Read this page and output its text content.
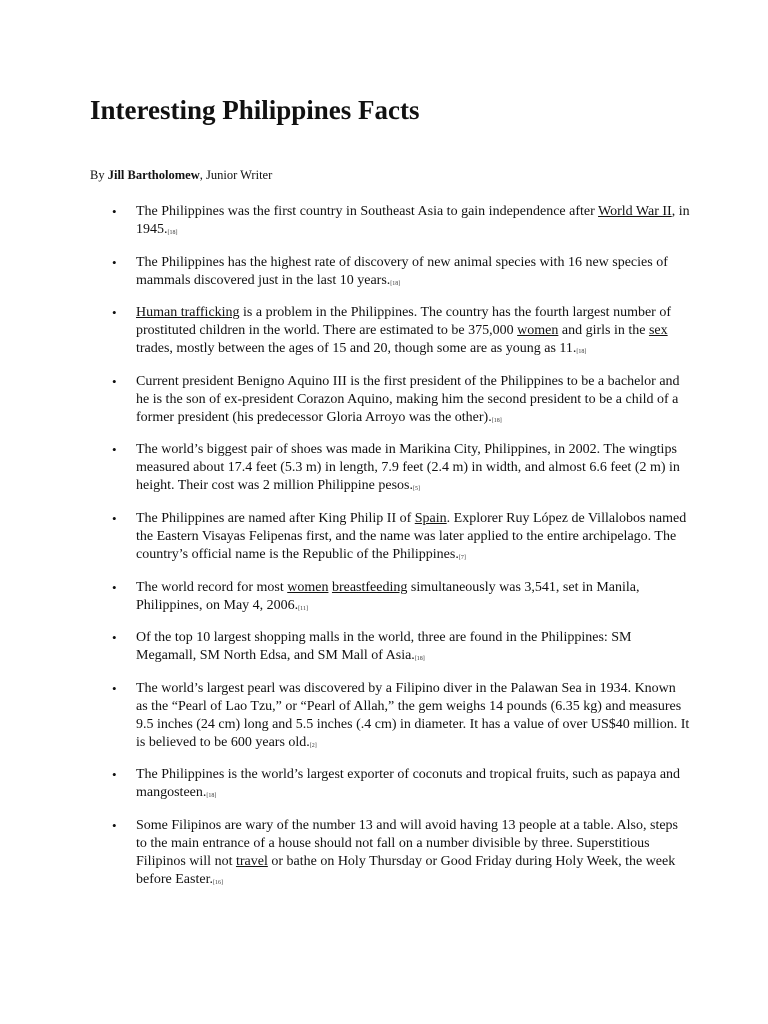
Interesting Philippines Facts

By Jill Bartholomew, Junior Writer

• The Philippines was the first country in Southeast Asia to gain independence after World War II, in 1945.[18]
• The Philippines has the highest rate of discovery of new animal species with 16 new species of mammals discovered just in the last 10 years.[18]
• Human trafficking is a problem in the Philippines. The country has the fourth largest number of prostituted children in the world. There are estimated to be 375,000 women and girls in the sex trades, mostly between the ages of 15 and 20, though some are as young as 11.[18]
• Current president Benigno Aquino III is the first president of the Philippines to be a bachelor and he is the son of ex-president Corazon Aquino, making him the second president to be a child of a former president (his predecessor Gloria Arroyo was the other).[18]
• The world’s biggest pair of shoes was made in Marikina City, Philippines, in 2002. The wingtips measured about 17.4 feet (5.3 m) in length, 7.9 feet (2.4 m) in width, and almost 6.6 feet (2 m) in height. Their cost was 2 million Philippine pesos.[5]
• The Philippines are named after King Philip II of Spain. Explorer Ruy López de Villalobos named the Eastern Visayas Felipenas first, and the name was later applied to the entire archipelago. The country’s official name is the Republic of the Philippines.[7]
• The world record for most women breastfeeding simultaneously was 3,541, set in Manila, Philippines, on May 4, 2006.[11]
• Of the top 10 largest shopping malls in the world, three are found in the Philippines: SM Megamall, SM North Edsa, and SM Mall of Asia.[18]
• The world’s largest pearl was discovered by a Filipino diver in the Palawan Sea in 1934. Known as the “Pearl of Lao Tzu,” or “Pearl of Allah,” the gem weighs 14 pounds (6.35 kg) and measures 9.5 inches (24 cm) long and 5.5 inches (.4 cm) in diameter. It has a value of over US$40 million. It is believed to be 600 years old.[2]
• The Philippines is the world’s largest exporter of coconuts and tropical fruits, such as papaya and mangosteen.[18]
• Some Filipinos are wary of the number 13 and will avoid having 13 people at a table. Also, steps to the main entrance of a house should not fall on a number divisible by three. Superstitious Filipinos will not travel or bathe on Holy Thursday or Good Friday during Holy Week, the week before Easter.[16]
